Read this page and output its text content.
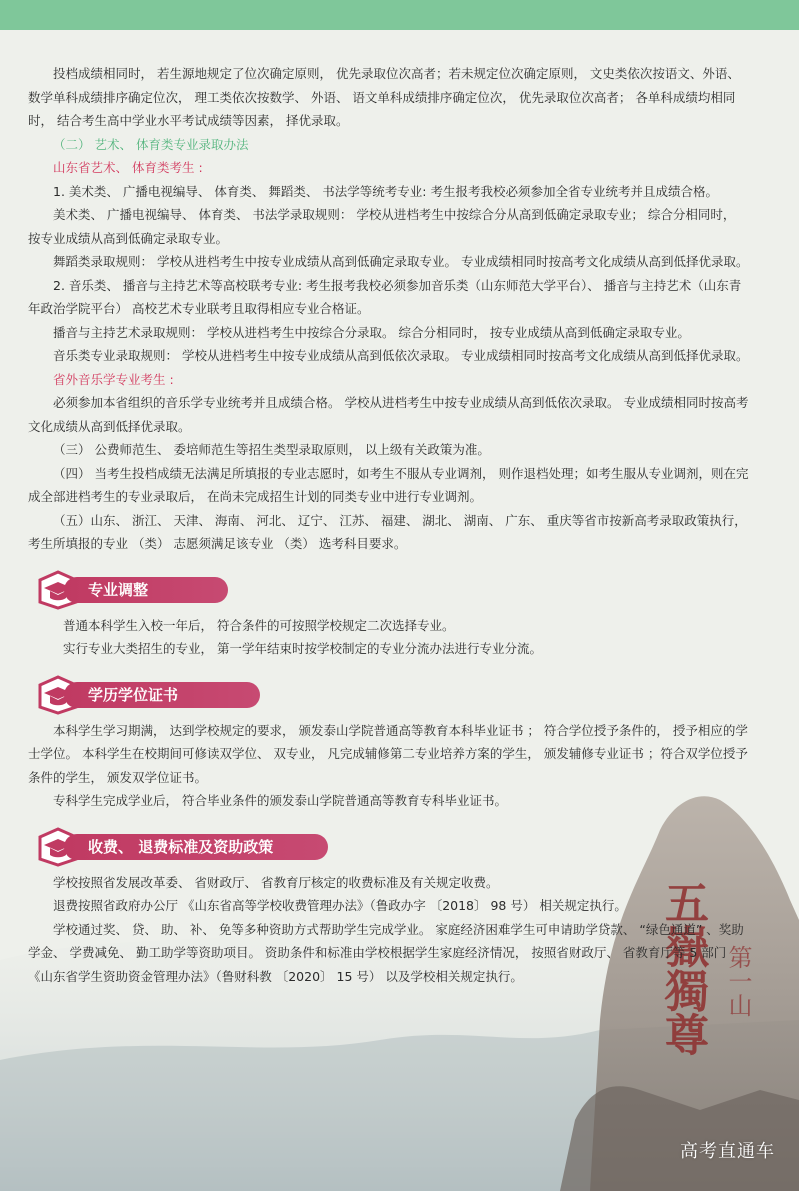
五嶽獨尊 第一山

投档成绩相同时， 若生源地规定了位次确定原则， 优先录取位次高者；若未规定位次确定原则， 文史类依次按语文、外语、 数学单科成绩排序确定位次， 理工类依次按数学、 外语、 语文单科成绩排序确定位次， 优先录取位次高者； 各单科成绩均相同时， 结合考生高中学业水平考试成绩等因素， 择优录取。

（二） 艺术、 体育类专业录取办法

山东省艺术、 体育类考生 :

1. 美术类、 广播电视编导、 体育类、 舞蹈类、 书法学等统考专业: 考生报考我校必须参加全省专业统考并且成绩合格。

美术类、 广播电视编导、 体育类、 书法学录取规则： 学校从进档考生中按综合分从高到低确定录取专业； 综合分相同时， 按专业成绩从高到低确定录取专业。

舞蹈类录取规则： 学校从进档考生中按专业成绩从高到低确定录取专业。 专业成绩相同时按高考文化成绩从高到低择优录取。

2. 音乐类、 播音与主持艺术等高校联考专业: 考生报考我校必须参加音乐类（山东师范大学平台）、 播音与主持艺术（山东青年政治学院平台） 高校艺术专业联考且取得相应专业合格证。

播音与主持艺术录取规则： 学校从进档考生中按综合分录取。 综合分相同时， 按专业成绩从高到低确定录取专业。

音乐类专业录取规则： 学校从进档考生中按专业成绩从高到低依次录取。 专业成绩相同时按高考文化成绩从高到低择优录取。

省外音乐学专业考生 :

必须参加本省组织的音乐学专业统考并且成绩合格。 学校从进档考生中按专业成绩从高到低依次录取。 专业成绩相同时按高考文化成绩从高到低择优录取。

（三） 公费师范生、 委培师范生等招生类型录取原则， 以上级有关政策为准。

（四） 当考生投档成绩无法满足所填报的专业志愿时，如考生不服从专业调剂， 则作退档处理；如考生服从专业调剂，则在完成全部进档考生的专业录取后， 在尚未完成招生计划的同类专业中进行专业调剂。

（五）山东、 浙江、 天津、 海南、 河北、 辽宁、 江苏、 福建、 湖北、 湖南、 广东、 重庆等省市按新高考录取政策执行，考生所填报的专业 （类） 志愿须满足该专业 （类） 选考科目要求。

专业调整

普通本科学生入校一年后， 符合条件的可按照学校规定二次选择专业。

实行专业大类招生的专业， 第一学年结束时按学校制定的专业分流办法进行专业分流。

学历学位证书

本科学生学习期满， 达到学校规定的要求， 颁发泰山学院普通高等教育本科毕业证书 ； 符合学位授予条件的， 授予相应的学士学位。 本科学生在校期间可修读双学位、 双专业， 凡完成辅修第二专业培养方案的学生， 颁发辅修专业证书 ；符合双学位授予条件的学生， 颁发双学位证书。

专科学生完成学业后， 符合毕业条件的颁发泰山学院普通高等教育专科毕业证书。

收费、 退费标准及资助政策

学校按照省发展改革委、 省财政厅、 省教育厅核定的收费标准及有关规定收费。

退费按照省政府办公厅 《山东省高等学校收费管理办法》（鲁政办字 〔2018〕 98 号） 相关规定执行。

学校通过奖、 贷、 助、 补、 免等多种资助方式帮助学生完成学业。 家庭经济困难学生可申请助学贷款、 “绿色通道” 、奖助学金、 学费减免、 勤工助学等资助项目。 资助条件和标准由学校根据学生家庭经济情况， 按照省财政厅、 省教育厅等 5 部门 《山东省学生资助资金管理办法》（鲁财科教 〔2020〕 15 号） 以及学校相关规定执行。

高考直通车
